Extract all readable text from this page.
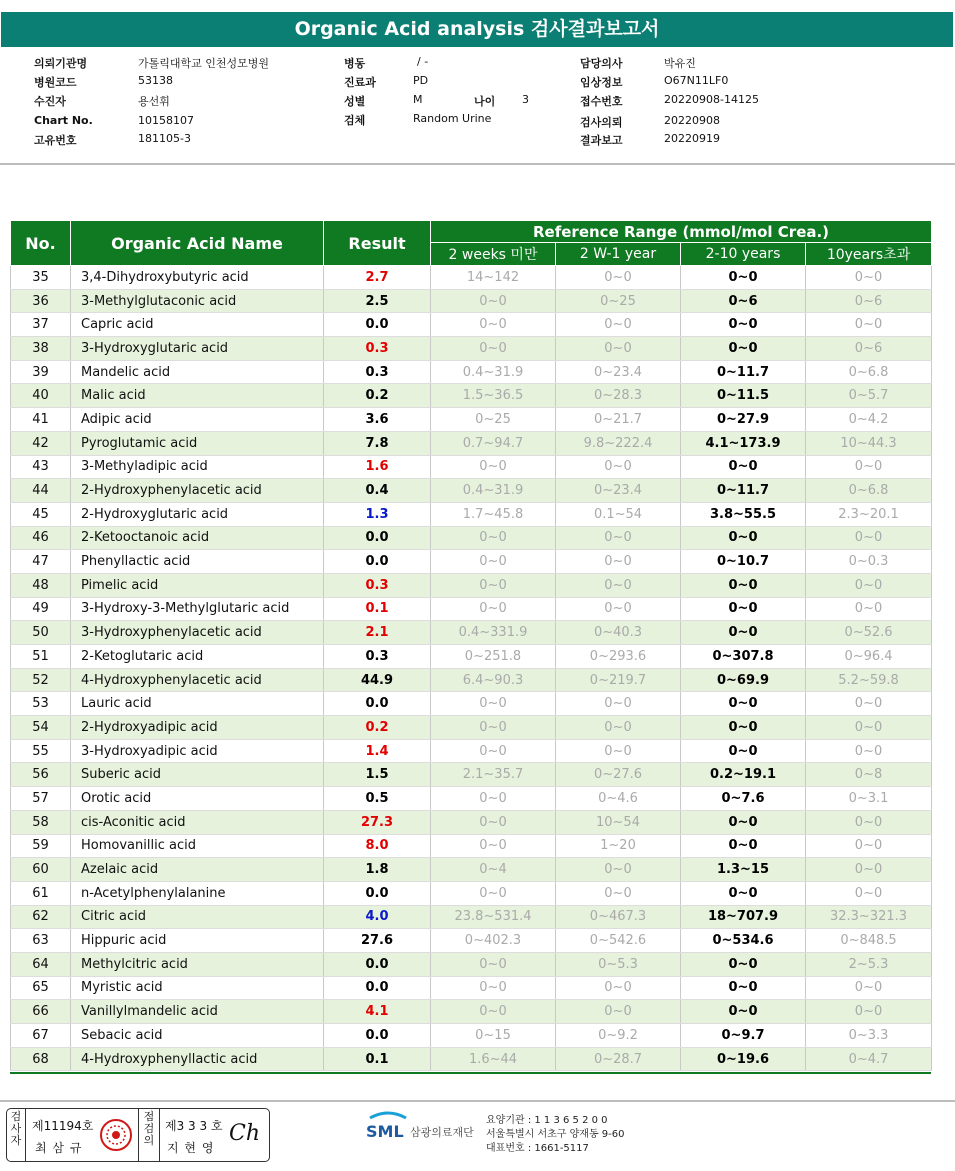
Organic Acid analysis 검사결과보고서
의뢰기관명	가톨릭대학교 인천성모병원
병원코드	53138
수진자	용선휘
Chart No.	10158107
고유번호	181105-3
병동	/ -
진료과	PD
성별	M	나이 3
검체	Random Urine
담당의사	박유진
임상정보	O67N11LF0
접수번호	20220908-14125
검사의뢰	20220908
결과보고	20220919
No.	Organic Acid Name	Result	Reference Range (mmol/mol Crea.)			
			2 weeks 미만	2 W-1 year	2-10 years	10years초과
35	3,4-Dihydroxybutyric acid	2.7	14~142	0~0	0~0	0~0
36	3-Methylglutaconic acid	2.5	0~0	0~25	0~6	0~6
37	Capric acid	0.0	0~0	0~0	0~0	0~0
38	3-Hydroxyglutaric acid	0.3	0~0	0~0	0~0	0~6
39	Mandelic acid	0.3	0.4~31.9	0~23.4	0~11.7	0~6.8
40	Malic acid	0.2	1.5~36.5	0~28.3	0~11.5	0~5.7
41	Adipic acid	3.6	0~25	0~21.7	0~27.9	0~4.2
42	Pyroglutamic acid	7.8	0.7~94.7	9.8~222.4	4.1~173.9	10~44.3
43	3-Methyladipic acid	1.6	0~0	0~0	0~0	0~0
44	2-Hydroxyphenylacetic acid	0.4	0.4~31.9	0~23.4	0~11.7	0~6.8
45	2-Hydroxyglutaric acid	1.3	1.7~45.8	0.1~54	3.8~55.5	2.3~20.1
46	2-Ketooctanoic acid	0.0	0~0	0~0	0~0	0~0
47	Phenyllactic acid	0.0	0~0	0~0	0~10.7	0~0.3
48	Pimelic acid	0.3	0~0	0~0	0~0	0~0
49	3-Hydroxy-3-Methylglutaric acid	0.1	0~0	0~0	0~0	0~0
50	3-Hydroxyphenylacetic acid	2.1	0.4~331.9	0~40.3	0~0	0~52.6
51	2-Ketoglutaric acid	0.3	0~251.8	0~293.6	0~307.8	0~96.4
52	4-Hydroxyphenylacetic acid	44.9	6.4~90.3	0~219.7	0~69.9	5.2~59.8
53	Lauric acid	0.0	0~0	0~0	0~0	0~0
54	2-Hydroxyadipic acid	0.2	0~0	0~0	0~0	0~0
55	3-Hydroxyadipic acid	1.4	0~0	0~0	0~0	0~0
56	Suberic acid	1.5	2.1~35.7	0~27.6	0.2~19.1	0~8
57	Orotic acid	0.5	0~0	0~4.6	0~7.6	0~3.1
58	cis-Aconitic acid	27.3	0~0	10~54	0~0	0~0
59	Homovanillic acid	8.0	0~0	1~20	0~0	0~0
60	Azelaic acid	1.8	0~4	0~0	1.3~15	0~0
61	n-Acetylphenylalanine	0.0	0~0	0~0	0~0	0~0
62	Citric acid	4.0	23.8~531.4	0~467.3	18~707.9	32.3~321.3
63	Hippuric acid	27.6	0~402.3	0~542.6	0~534.6	0~848.5
64	Methylcitric acid	0.0	0~0	0~5.3	0~0	2~5.3
65	Myristic acid	0.0	0~0	0~0	0~0	0~0
66	Vanillylmandelic acid	4.1	0~0	0~0	0~0	0~0
67	Sebacic acid	0.0	0~15	0~9.2	0~9.7	0~3.3
68	4-Hydroxyphenyllactic acid	0.1	1.6~44	0~28.7	0~19.6	0~4.7
검사자
제11194호
최 삼 규
점검의
제3 3 3 호
지 현 영
Ch	SML 삼광의료재단
요양기관 : 1 1 3 6 5 2 0 0
서울특별시 서초구 양재동 9-60
대표번호 : 1661-5117
